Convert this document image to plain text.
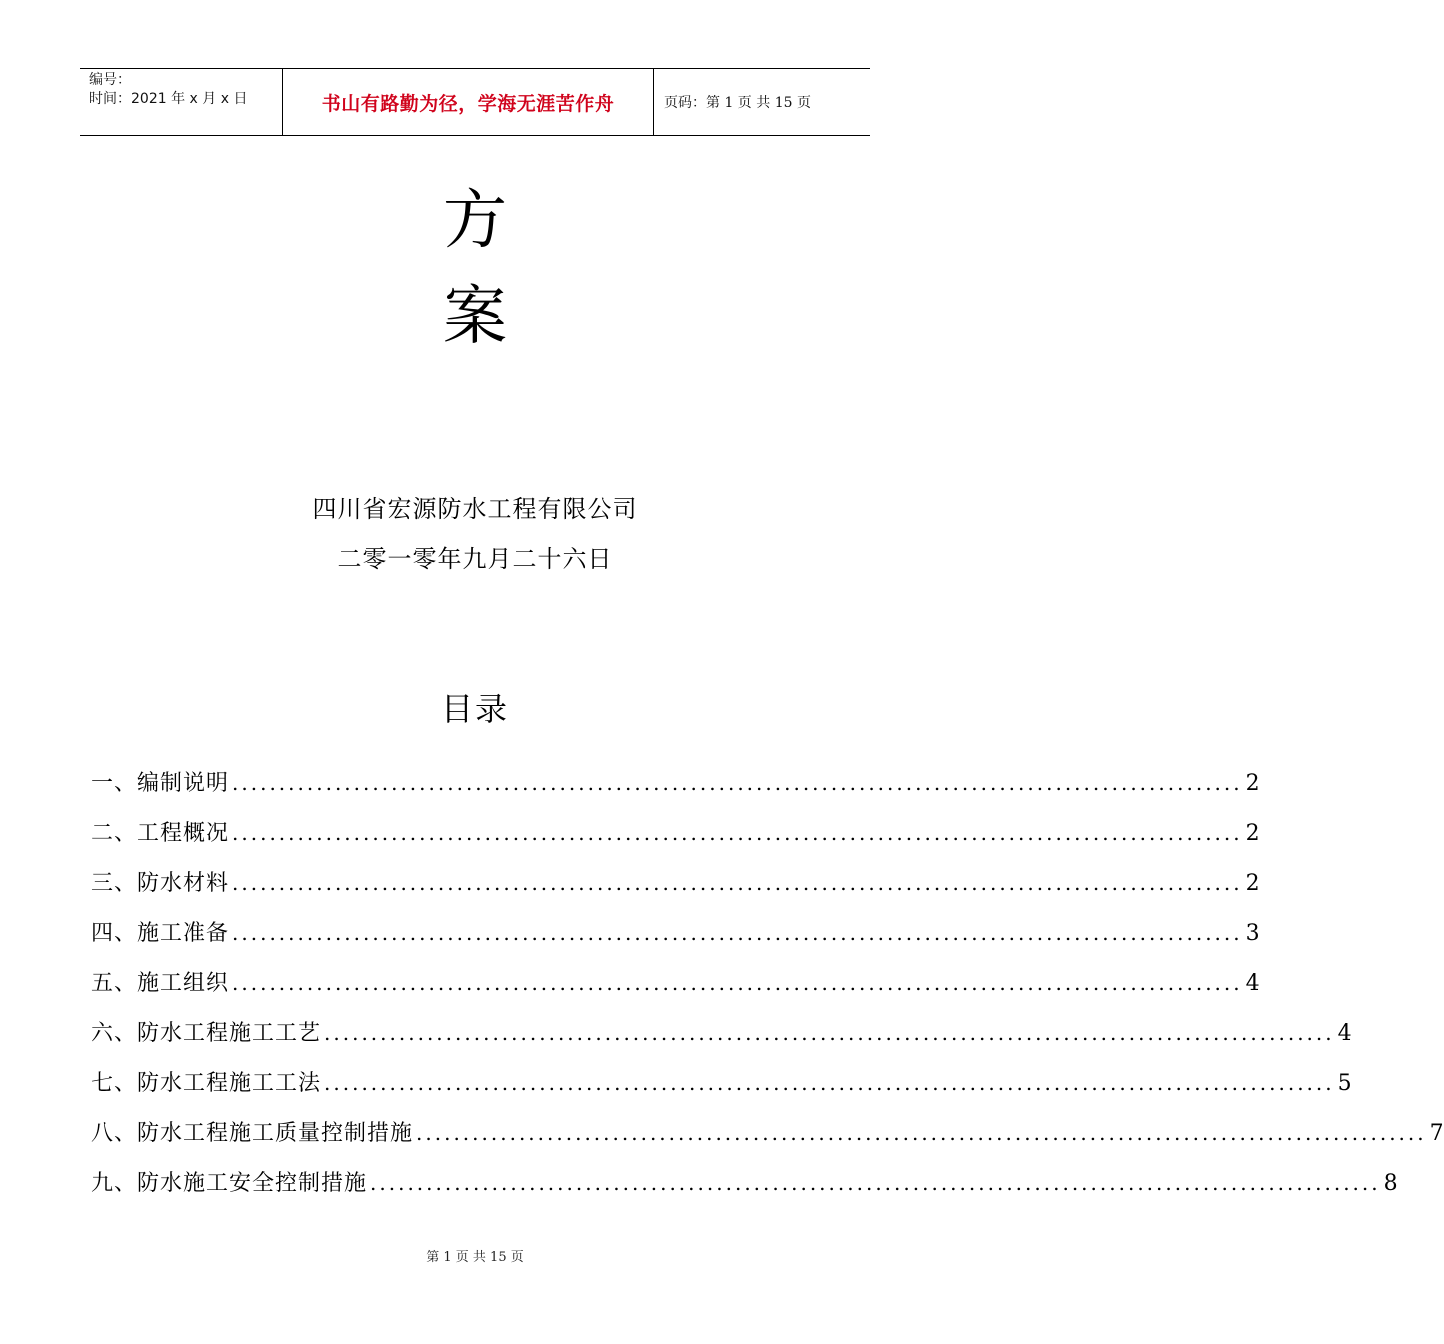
编号：
时间：2021 年 x 月 x 日	书山有路勤为径，学海无涯苦作舟	页码：第 1 页 共 15 页
方
案
四川省宏源防水工程有限公司
二零一零年九月二十六日
目录
一、编制说明 ............................................................................................................ 2
二、工程概况 ............................................................................................................ 2
三、防水材料 ............................................................................................................ 2
四、施工准备 ............................................................................................................ 3
五、施工组织 ............................................................................................................ 4
六、防水工程施工工艺 ............................................................................................................ 4
七、防水工程施工工法 ............................................................................................................ 5
八、防水工程施工质量控制措施 ............................................................................................................ 7
九、防水施工安全控制措施 ............................................................................................................ 8
第 1 页 共 15 页
